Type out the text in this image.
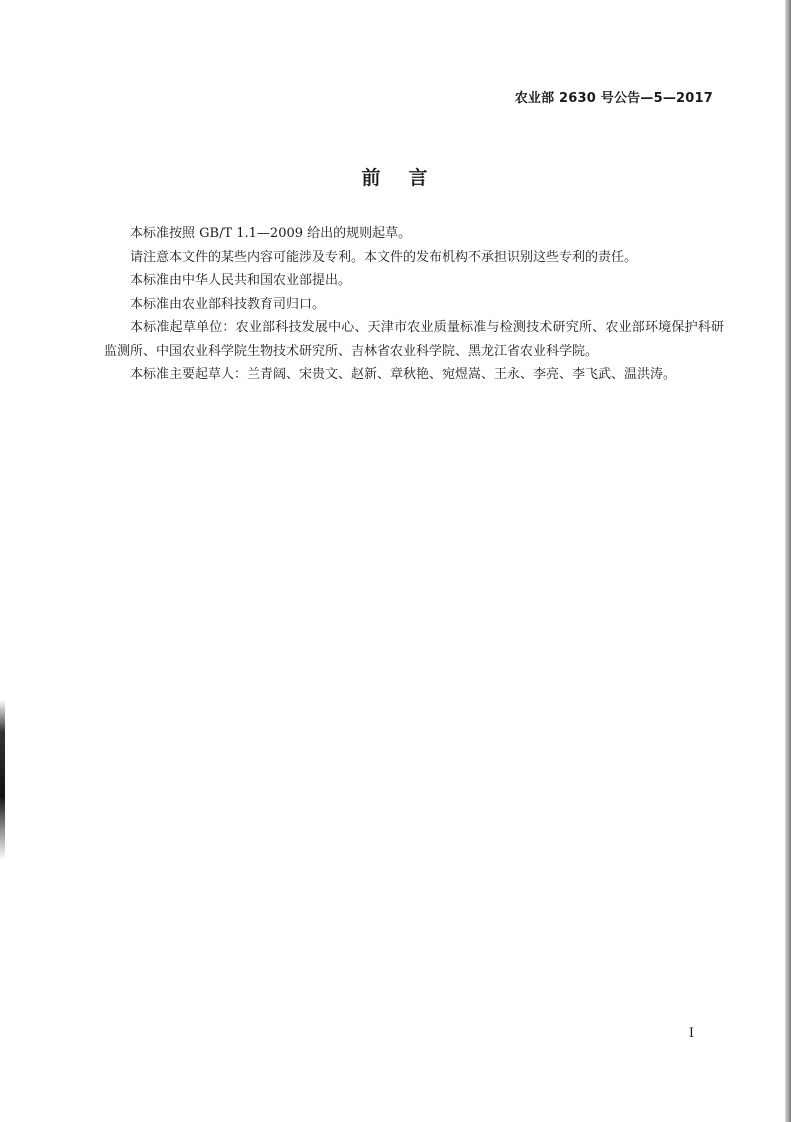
农业部 2630 号公告—5—2017
前 言

本标准按照 GB/T 1.1—2009 给出的规则起草。

请注意本文件的某些内容可能涉及专利。本文件的发布机构不承担识别这些专利的责任。

本标准由中华人民共和国农业部提出。

本标准由农业部科技教育司归口。

本标准起草单位：农业部科技发展中心、天津市农业质量标准与检测技术研究所、农业部环境保护科研监测所、中国农业科学院生物技术研究所、吉林省农业科学院、黑龙江省农业科学院。

本标准主要起草人：兰青阔、宋贵文、赵新、章秋艳、宛煜嵩、王永、李亮、李飞武、温洪涛。

I
